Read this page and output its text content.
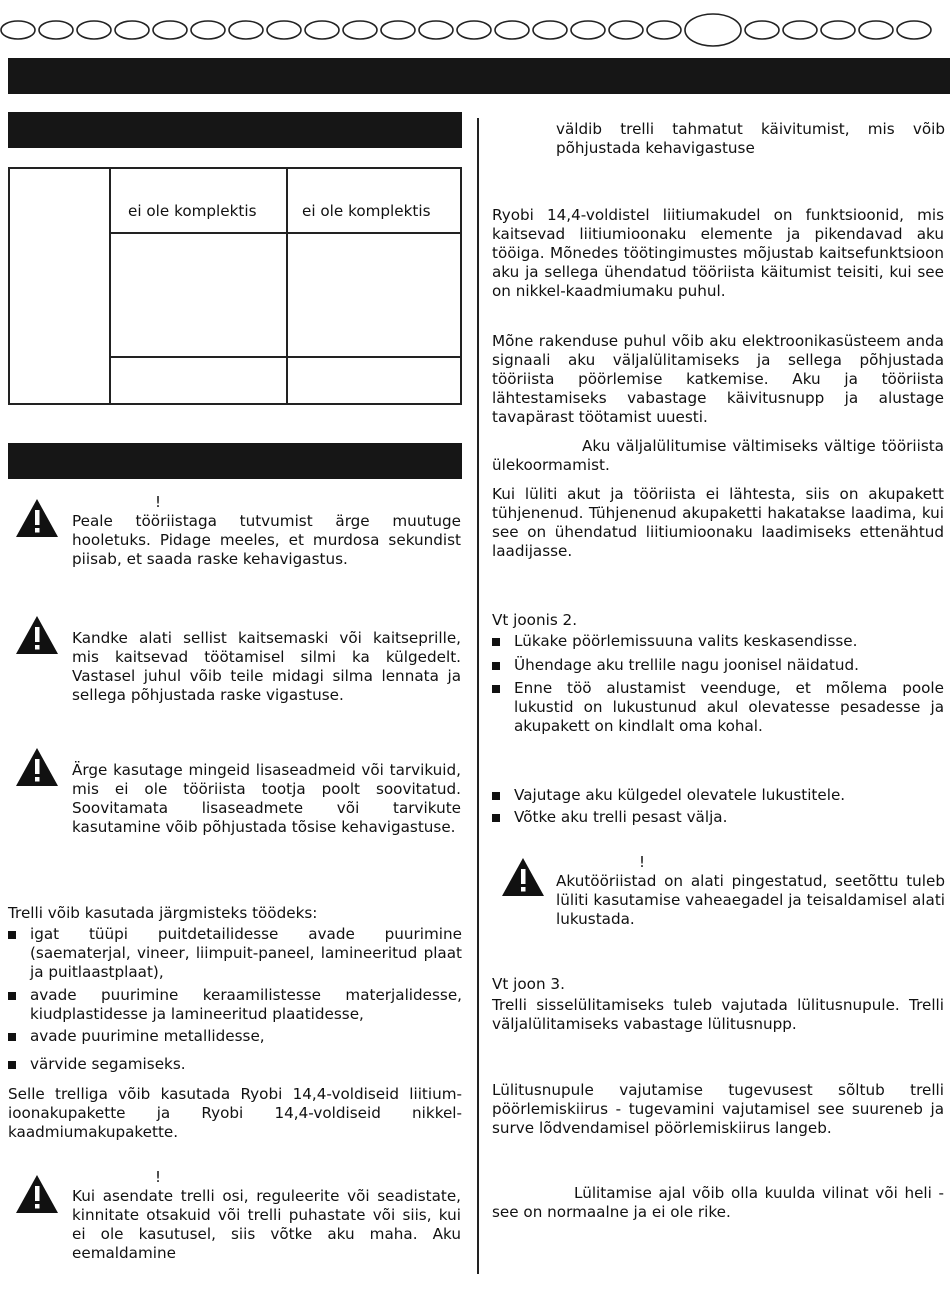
ei ole komplektis	ei ole komplektis
!
Peale tööriistaga tutvumist ärge muutuge hooletuks. Pidage meeles, et murdosa sekundist piisab, et saada raske kehavigastus.
Kandke alati sellist kaitsemaski või kaitseprille, mis kaitsevad töötamisel silmi ka külgedelt. Vastasel juhul võib teile midagi silma lennata ja sellega põhjustada raske vigastuse.
Ärge kasutage mingeid lisaseadmeid või tarvikuid, mis ei ole tööriista tootja poolt soovitatud. Soovitamata lisaseadmete või tarvikute kasutamine võib põhjustada tõsise kehavigastuse.
Trelli võib kasutada järgmisteks töödeks:
igat tüüpi puitdetailidesse avade puurimine (saematerjal, vineer, liimpuit-paneel, lamineeritud plaat ja puitlaastplaat),
avade puurimine keraamilistesse materjalidesse, kiudplastidesse ja lamineeritud plaatidesse,
avade puurimine metallidesse,
värvide segamiseks.
Selle trelliga võib kasutada Ryobi 14,4-voldiseid liitium-ioonakupakette ja Ryobi 14,4-voldiseid nikkel-kaadmiumakupakette.
!
Kui asendate trelli osi, reguleerite või seadistate, kinnitate otsakuid või trelli puhastate või siis, kui ei ole kasutusel, siis võtke aku maha. Aku eemaldamine
väldib trelli tahmatut käivitumist, mis võib põhjustada kehavigastuse
Ryobi 14,4-voldistel liitiumakudel on funktsioonid, mis kaitsevad liitiumioonaku elemente ja pikendavad aku tööiga. Mõnedes töötingimustes mõjustab kaitsefunktsioon aku ja sellega ühendatud tööriista käitumist teisiti, kui see on nikkel-kaadmiumaku puhul.
Mõne rakenduse puhul võib aku elektroonikasüsteem anda signaali aku väljalülitamiseks ja sellega põhjustada tööriista pöörlemise katkemise. Aku ja tööriista lähtestamiseks vabastage käivitusnupp ja alustage tavapärast töötamist uuesti.
Aku väljalülitumise vältimiseks vältige tööriista ülekoormamist.
Kui lüliti akut ja tööriista ei lähtesta, siis on akupakett tühjenenud. Tühjenenud akupaketti hakatakse laadima, kui see on ühendatud liitiumioonaku laadimiseks ettenähtud laadijasse.
Vt joonis 2.
Lükake pöörlemissuuna valits keskasendisse.
Ühendage aku trellile nagu joonisel näidatud.
Enne töö alustamist veenduge, et mõlema poole lukustid on lukustunud akul olevatesse pesadesse ja akupakett on kindlalt oma kohal.
Vajutage aku külgedel olevatele lukustitele.
Võtke aku trelli pesast välja.
!
Akutööriistad on alati pingestatud, seetõttu tuleb lüliti kasutamise vaheaegadel ja teisaldamisel alati lukustada.
Vt joon 3.
Trelli sisselülitamiseks tuleb vajutada lülitusnupule. Trelli väljalülitamiseks vabastage lülitusnupp.
Lülitusnupule vajutamise tugevusest sõltub trelli pöörlemiskiirus - tugevamini vajutamisel see suureneb ja surve lõdvendamisel pöörlemiskiirus langeb.
Lülitamise ajal võib olla kuulda vilinat või heli - see on normaalne ja ei ole rike.
